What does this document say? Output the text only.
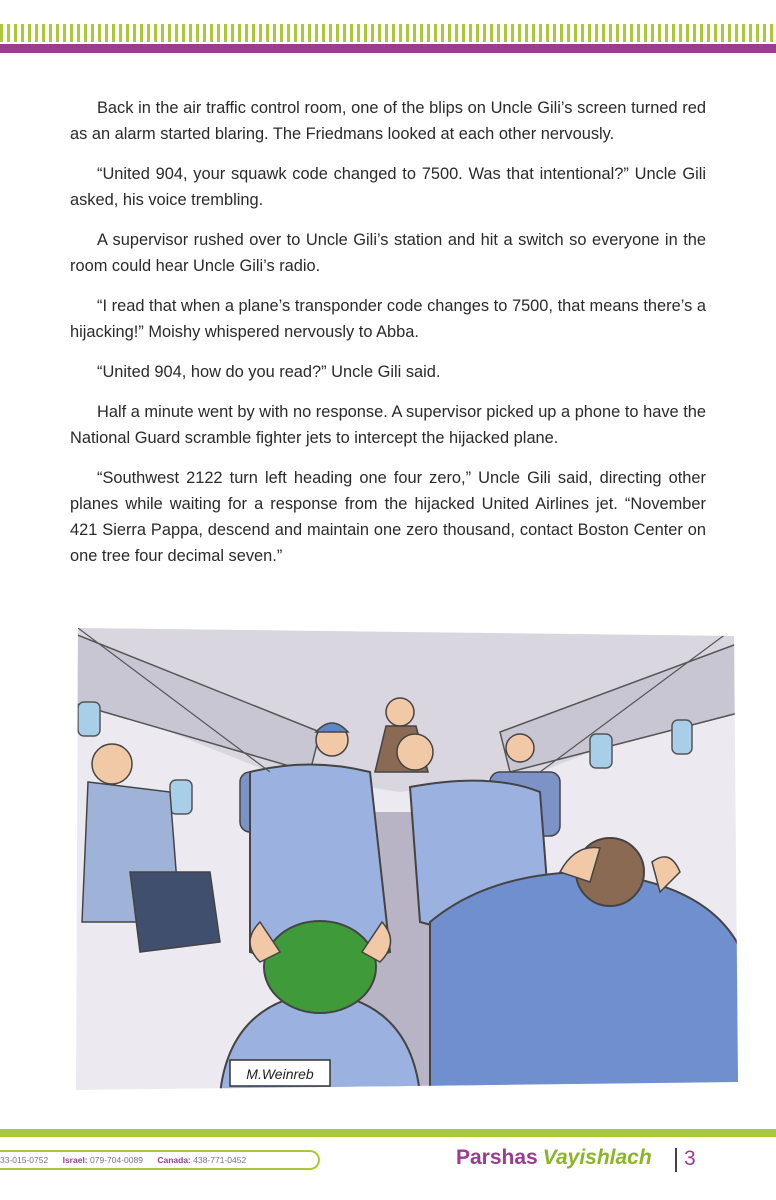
Back in the air traffic control room, one of the blips on Uncle Gili’s screen turned red as an alarm started blaring. The Friedmans looked at each other nervously.

“United 904, your squawk code changed to 7500. Was that intentional?” Uncle Gili asked, his voice trembling.

A supervisor rushed over to Uncle Gili’s station and hit a switch so everyone in the room could hear Uncle Gili’s radio.

“I read that when a plane’s transponder code changes to 7500, that means there’s a hijacking!” Moishy whispered nervously to Abba.

“United 904, how do you read?” Uncle Gili said.

Half a minute went by with no response. A supervisor picked up a phone to have the National Guard scramble fighter jets to intercept the hijacked plane.

“Southwest 2122 turn left heading one four zero,” Uncle Gili said, directing other planes while waiting for a response from the hijacked United Airlines jet. “November 421 Sierra Pappa, descend and maintain one zero thousand, contact Boston Center on one tree four decimal seven.”

M.Weinreb
33-015-0752 Israel: 079-704-0089 Canada: 438-771-0452	Parshas Vayishlach 3
